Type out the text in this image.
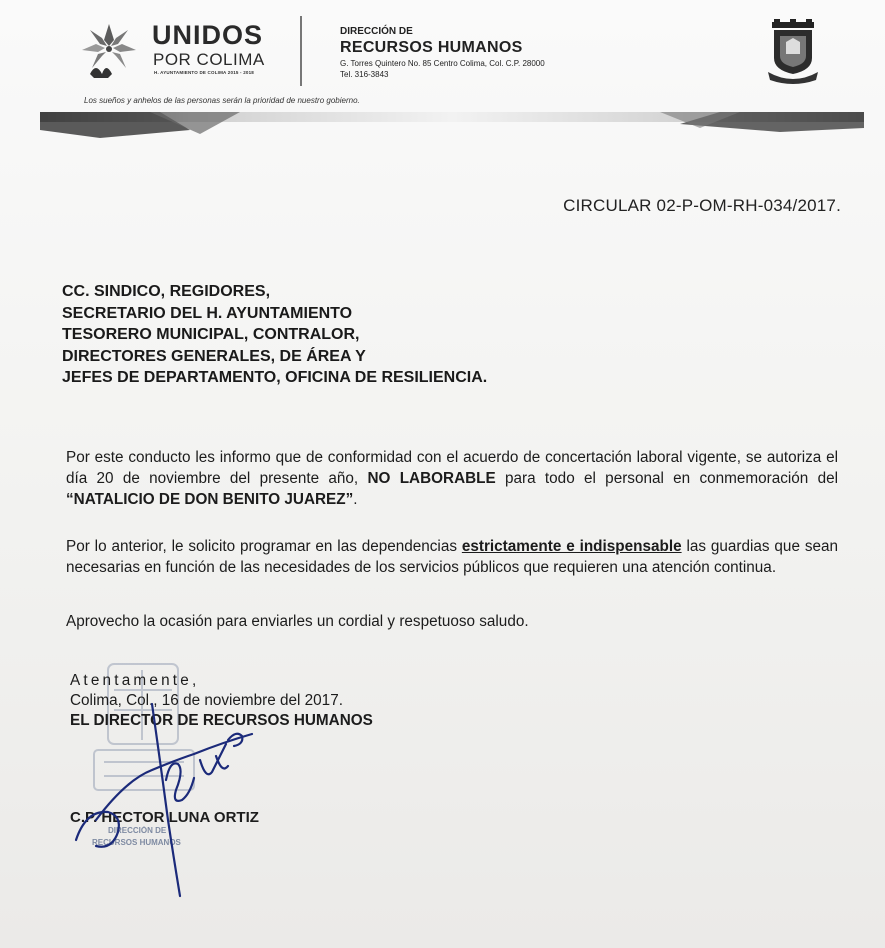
UNIDOS
POR COLIMA
H. AYUNTAMIENTO DE COLIMA 2015 - 2018
DIRECCIÓN DE
RECURSOS HUMANOS
G. Torres Quintero No. 85 Centro Colima, Col. C.P. 28000
Tel. 316-3843
Los sueños y anhelos de las personas serán la prioridad de nuestro gobierno.
CIRCULAR 02-P-OM-RH-034/2017.
CC. SINDICO, REGIDORES,
SECRETARIO DEL H. AYUNTAMIENTO
TESORERO MUNICIPAL, CONTRALOR,
DIRECTORES GENERALES, DE ÁREA Y
JEFES DE DEPARTAMENTO, OFICINA DE RESILIENCIA.
Por este conducto les informo que de conformidad con el acuerdo de concertación laboral vigente, se autoriza el día 20 de noviembre del presente año, NO LABORABLE para todo el personal en conmemoración del “NATALICIO DE DON BENITO JUAREZ”.
Por lo anterior, le solicito programar en las dependencias estrictamente e indispensable las guardias que sean necesarias en función de las necesidades de los servicios públicos que requieren una atención continua.
Aprovecho la ocasión para enviarles un cordial y respetuoso saludo.
DIRECCIÓN DE
RECURSOS HUMANOS
Atentamente,
Colima, Col., 16 de noviembre del 2017.
EL DIRECTOR DE RECURSOS HUMANOS
C.P. HECTOR LUNA ORTIZ
